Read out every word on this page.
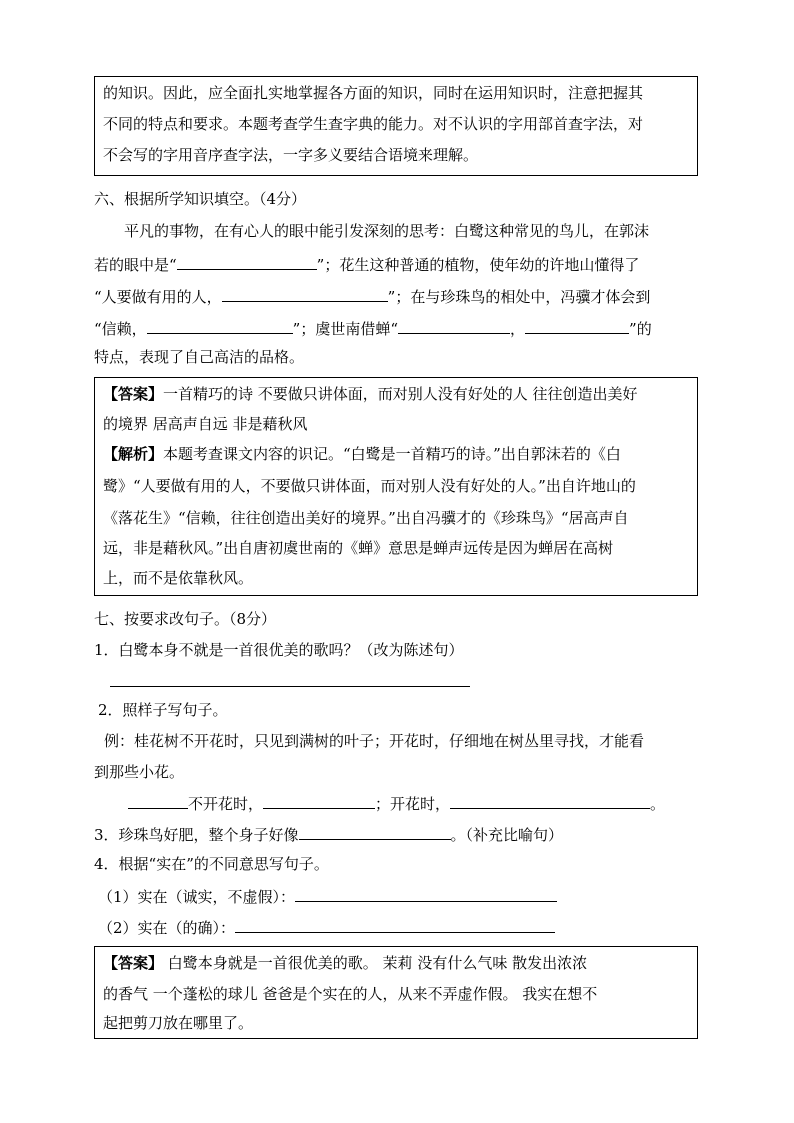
的知识。因此，应全面扎实地掌握各方面的知识，同时在运用知识时，注意把握其
不同的特点和要求。本题考查学生查字典的能力。对不认识的字用部首查字法，对
不会写的字用音序查字法，一字多义要结合语境来理解。
六、根据所学知识填空。（4分）
平凡的事物，在有心人的眼中能引发深刻的思考：白鹭这种常见的鸟儿，在郭沫
若的眼中是“	”；花生这种普通的植物，使年幼的许地山懂得了
“人要做有用的人，	”；在与珍珠鸟的相处中，冯骥才体会到
“信赖，	”；虞世南借蝉“	，	”的
特点，表现了自己高洁的品格。
【答案】一首精巧的诗 不要做只讲体面，而对别人没有好处的人 往往创造出美好
的境界 居高声自远 非是藉秋风
【解析】本题考查课文内容的识记。“白鹭是一首精巧的诗。”出自郭沫若的《白
鹭》“人要做有用的人，不要做只讲体面，而对别人没有好处的人。”出自许地山的
《落花生》“信赖，往往创造出美好的境界。”出自冯骥才的《珍珠鸟》“居高声自
远，非是藉秋风。”出自唐初虞世南的《蝉》意思是蝉声远传是因为蝉居在高树
上，而不是依靠秋风。
七、按要求改句子。（8分）
1．白鹭本身不就是一首很优美的歌吗？（改为陈述句）
2．照样子写句子。
例：桂花树不开花时，只见到满树的叶子；开花时，仔细地在树丛里寻找，才能看
到那些小花。
不开花时，	；开花时，	。
3．珍珠鸟好肥，整个身子好像	。（补充比喻句）
4．根据“实在”的不同意思写句子。
（1）实在（诚实，不虚假）：
（2）实在（的确）：
【答案】 白鹭本身就是一首很优美的歌。 茉莉 没有什么气味 散发出浓浓
的香气 一个蓬松的球儿 爸爸是个实在的人，从来不弄虚作假。 我实在想不
起把剪刀放在哪里了。
